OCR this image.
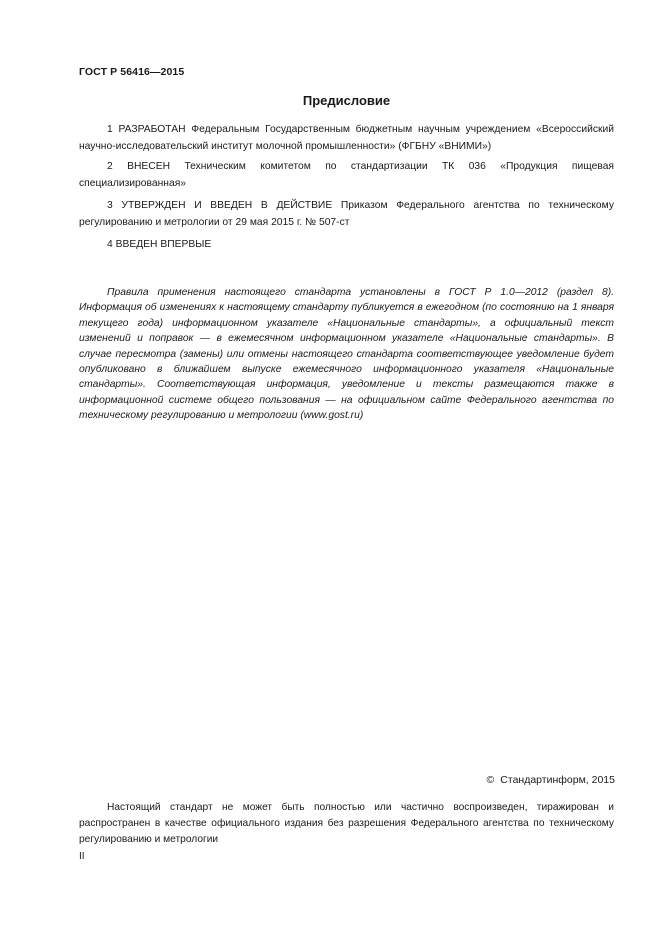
ГОСТ Р 56416—2015
Предисловие
1 РАЗРАБОТАН Федеральным Государственным бюджетным научным учреждением «Всероссийский научно-исследовательский институт молочной промышленности» (ФГБНУ «ВНИМИ»)
2 ВНЕСЕН Техническим комитетом по стандартизации ТК 036 «Продукция пищевая специализированная»
3 УТВЕРЖДЕН И ВВЕДЕН В ДЕЙСТВИЕ Приказом Федерального агентства по техническому регулированию и метрологии от 29 мая 2015 г. № 507-ст
4 ВВЕДЕН ВПЕРВЫЕ
Правила применения настоящего стандарта установлены в ГОСТ Р 1.0—2012 (раздел 8). Информация об изменениях к настоящему стандарту публикуется в ежегодном (по состоянию на 1 января текущего года) информационном указателе «Национальные стандарты», а официальный текст изменений и поправок — в ежемесячном информационном указателе «Национальные стандарты». В случае пересмотра (замены) или отмены настоящего стандарта соответствующее уведомление будет опубликовано в ближайшем выпуске ежемесячного информационного указателя «Национальные стандарты». Соответствующая информация, уведомление и тексты размещаются также в информационной системе общего пользования — на официальном сайте Федерального агентства по техническому регулированию и метрологии (www.gost.ru)
© Стандартинформ, 2015
Настоящий стандарт не может быть полностью или частично воспроизведен, тиражирован и распространен в качестве официального издания без разрешения Федерального агентства по техническому регулированию и метрологии
II
